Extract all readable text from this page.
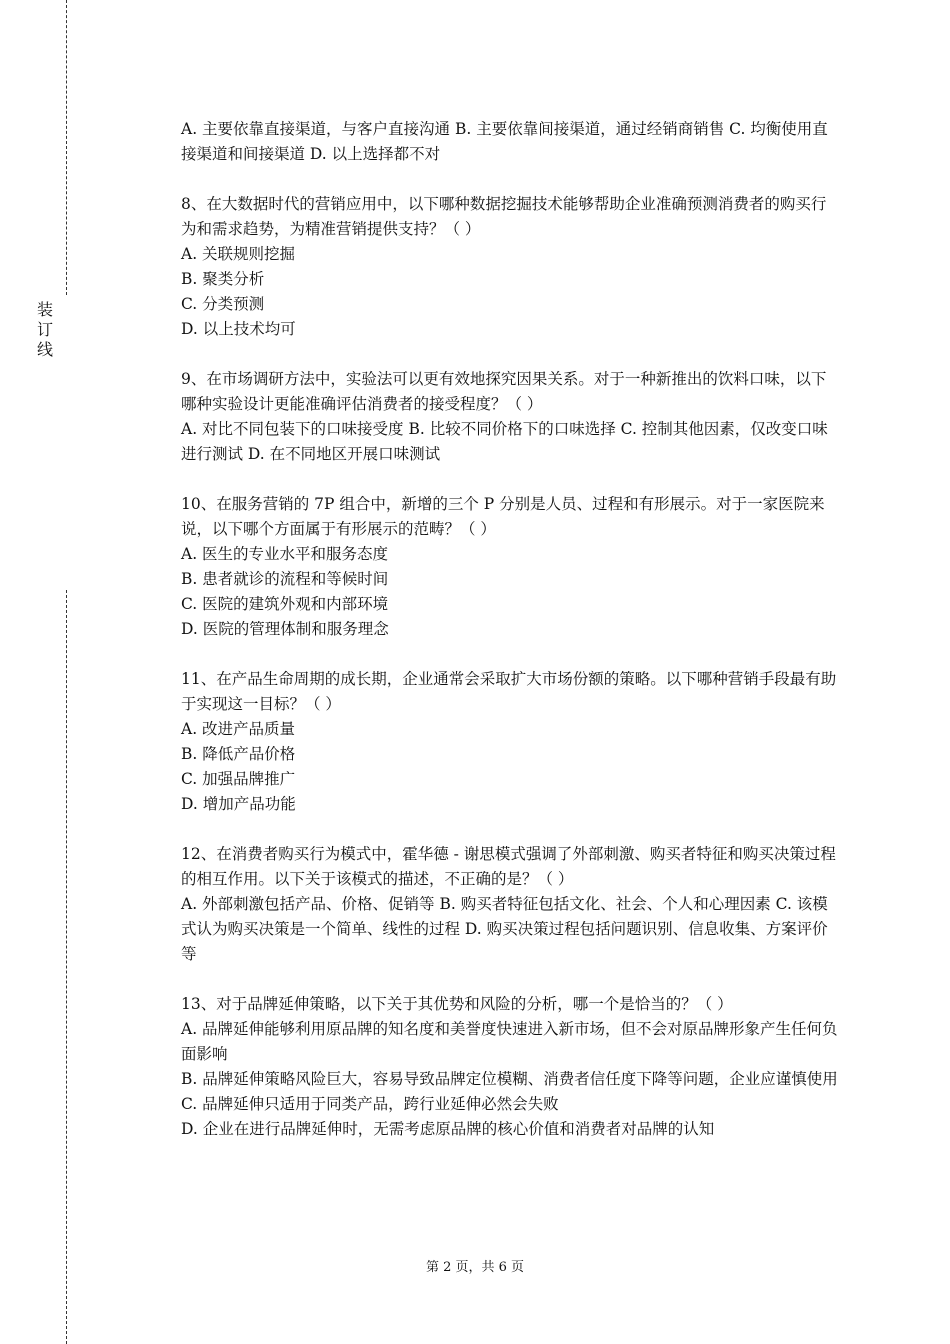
装
订
线

A. 主要依靠直接渠道，与客户直接沟通 B. 主要依靠间接渠道，通过经销商销售 C. 均衡使用直接渠道和间接渠道 D. 以上选择都不对

8、在大数据时代的营销应用中，以下哪种数据挖掘技术能够帮助企业准确预测消费者的购买行为和需求趋势，为精准营销提供支持？（ ）

A. 关联规则挖掘

B. 聚类分析

C. 分类预测

D. 以上技术均可

9、在市场调研方法中，实验法可以更有效地探究因果关系。对于一种新推出的饮料口味，以下哪种实验设计更能准确评估消费者的接受程度？（ ）

A. 对比不同包装下的口味接受度 B. 比较不同价格下的口味选择 C. 控制其他因素，仅改变口味进行测试 D. 在不同地区开展口味测试

10、在服务营销的 7P 组合中，新增的三个 P 分别是人员、过程和有形展示。对于一家医院来说，以下哪个方面属于有形展示的范畴？（ ）

A. 医生的专业水平和服务态度

B. 患者就诊的流程和等候时间

C. 医院的建筑外观和内部环境

D. 医院的管理体制和服务理念

11、在产品生命周期的成长期，企业通常会采取扩大市场份额的策略。以下哪种营销手段最有助于实现这一目标？（ ）

A. 改进产品质量

B. 降低产品价格

C. 加强品牌推广

D. 增加产品功能

12、在消费者购买行为模式中，霍华德 - 谢思模式强调了外部刺激、购买者特征和购买决策过程的相互作用。以下关于该模式的描述，不正确的是？（ ）

A. 外部刺激包括产品、价格、促销等 B. 购买者特征包括文化、社会、个人和心理因素 C. 该模式认为购买决策是一个简单、线性的过程 D. 购买决策过程包括问题识别、信息收集、方案评价等

13、对于品牌延伸策略，以下关于其优势和风险的分析，哪一个是恰当的？（ ）

A. 品牌延伸能够利用原品牌的知名度和美誉度快速进入新市场，但不会对原品牌形象产生任何负面影响

B. 品牌延伸策略风险巨大，容易导致品牌定位模糊、消费者信任度下降等问题，企业应谨慎使用

C. 品牌延伸只适用于同类产品，跨行业延伸必然会失败

D. 企业在进行品牌延伸时，无需考虑原品牌的核心价值和消费者对品牌的认知

第 2 页，共 6 页
